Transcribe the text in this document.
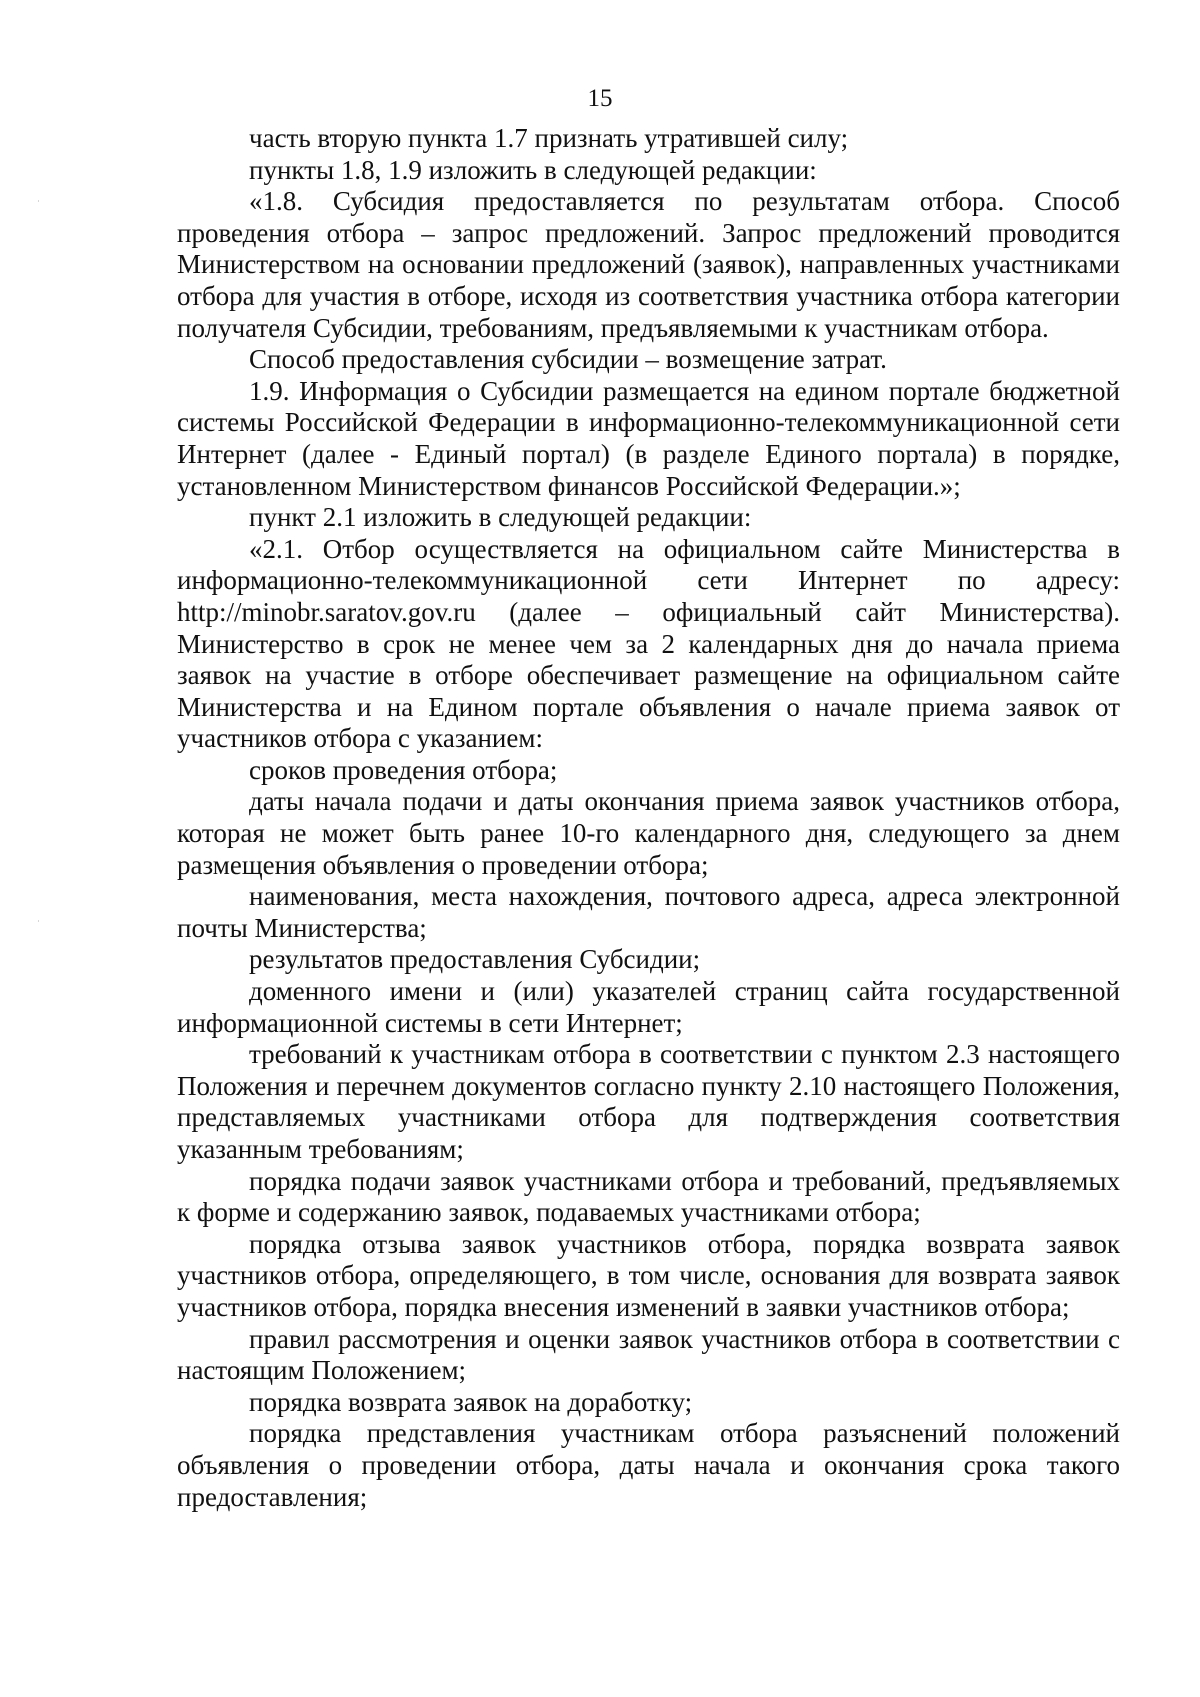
15

часть вторую пункта 1.7 признать утратившей силу;

пункты 1.8, 1.9 изложить в следующей редакции:

«1.8. Субсидия предоставляется по результатам отбора. Способ проведения отбора – запрос предложений. Запрос предложений проводится Министерством на основании предложений (заявок), направленных участниками отбора для участия в отборе, исходя из соответствия участника отбора категории получателя Субсидии, требованиям, предъявляемыми к участникам отбора.

Способ предоставления субсидии – возмещение затрат.

1.9. Информация о Субсидии размещается на едином портале бюджетной системы Российской Федерации в информационно-телекоммуникационной сети Интернет (далее - Единый портал) (в разделе Единого портала) в порядке, установленном Министерством финансов Российской Федерации.»;

пункт 2.1 изложить в следующей редакции:

«2.1. Отбор осуществляется на официальном сайте Министерства в информационно-телекоммуникационной сети Интернет по адресу: http://minobr.saratov.gov.ru (далее – официальный сайт Министерства). Министерство в срок не менее чем за 2 календарных дня до начала приема заявок на участие в отборе обеспечивает размещение на официальном сайте Министерства и на Едином портале объявления о начале приема заявок от участников отбора с указанием:

сроков проведения отбора;

даты начала подачи и даты окончания приема заявок участников отбора, которая не может быть ранее 10-го календарного дня, следующего за днем размещения объявления о проведении отбора;

наименования, места нахождения, почтового адреса, адреса электронной почты Министерства;

результатов предоставления Субсидии;

доменного имени и (или) указателей страниц сайта государственной информационной системы в сети Интернет;

требований к участникам отбора в соответствии с пунктом 2.3 настоящего Положения и перечнем документов согласно пункту 2.10 настоящего Положения, представляемых участниками отбора для подтверждения соответствия указанным требованиям;

порядка подачи заявок участниками отбора и требований, предъявляемых к форме и содержанию заявок, подаваемых участниками отбора;

порядка отзыва заявок участников отбора, порядка возврата заявок участников отбора, определяющего, в том числе, основания для возврата заявок участников отбора, порядка внесения изменений в заявки участников отбора;

правил рассмотрения и оценки заявок участников отбора в соответствии с настоящим Положением;

порядка возврата заявок на доработку;

порядка представления участникам отбора разъяснений положений объявления о проведении отбора, даты начала и окончания срока такого предоставления;
